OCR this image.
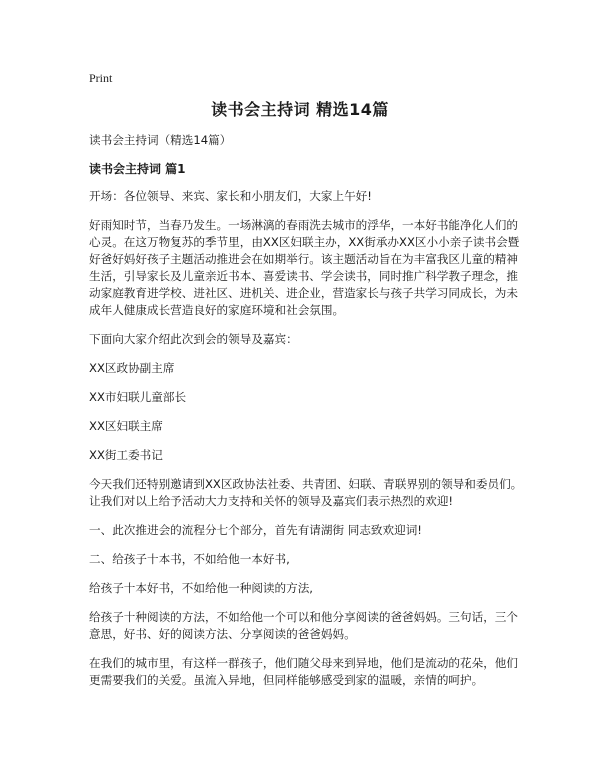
Print
读书会主持词 精选14篇

读书会主持词（精选14篇）

读书会主持词 篇1

开场：各位领导、来宾、家长和小朋友们，大家上午好!

好雨知时节，当春乃发生。一场淋漓的春雨洗去城市的浮华，一本好书能净化人们的心灵。在这万物复苏的季节里，由XX区妇联主办，XX街承办XX区小小亲子读书会暨好爸好妈好孩子主题活动推进会在如期举行。该主题活动旨在为丰富我区儿童的精神生活，引导家长及儿童亲近书本、喜爱读书、学会读书，同时推广科学教子理念，推动家庭教育进学校、进社区、进机关、进企业，营造家长与孩子共学习同成长，为未成年人健康成长营造良好的家庭环境和社会氛围。

下面向大家介绍此次到会的领导及嘉宾：

XX区政协副主席

XX市妇联儿童部长

XX区妇联主席

XX街工委书记

今天我们还特别邀请到XX区政协法社委、共青团、妇联、青联界别的领导和委员们。让我们对以上给予活动大力支持和关怀的领导及嘉宾们表示热烈的欢迎!

一、此次推进会的流程分七个部分，首先有请湖街 同志致欢迎词!

二、给孩子十本书，不如给他一本好书,

给孩子十本好书，不如给他一种阅读的方法,

给孩子十种阅读的方法，不如给他一个可以和他分享阅读的爸爸妈妈。三句话，三个意思，好书、好的阅读方法、分享阅读的爸爸妈妈。

在我们的城市里，有这样一群孩子，他们随父母来到异地，他们是流动的花朵，他们更需要我们的关爱。虽流入异地，但同样能够感受到家的温暖，亲情的呵护。
